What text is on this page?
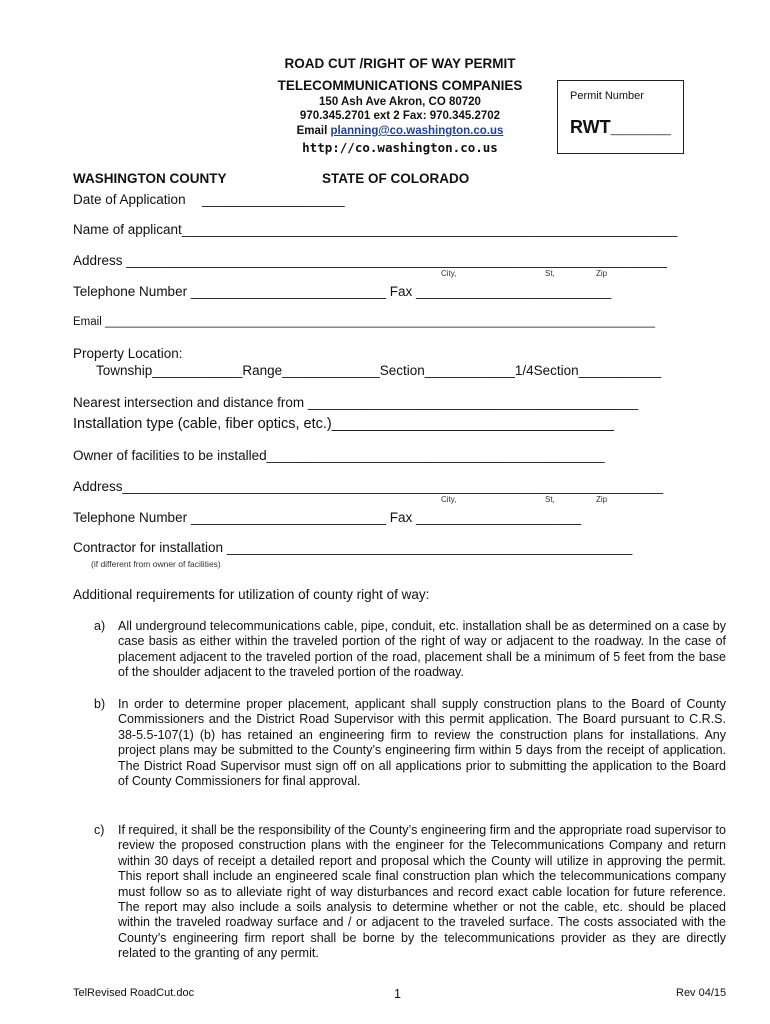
ROAD CUT /RIGHT OF WAY PERMIT
TELECOMMUNICATIONS COMPANIES
150 Ash Ave Akron, CO 80720
970.345.2701 ext 2 Fax: 970.345.2702
Email planning@co.washington.co.us
http://co.washington.co.us
Permit Number
RWT______
WASHINGTON COUNTY	STATE OF COLORADO
Date of Application ___________________
Name of applicant__________________________________________________________________
Address ________________________________________________________________________
City,	St,	Zip
Telephone Number __________________________ Fax __________________________
Email ______________________________________________________________________________________
Property Location:
Township____________Range_____________Section____________1/4Section___________
Nearest intersection and distance from ____________________________________________
Installation type (cable, fiber optics, etc.)___________________________________
Owner of facilities to be installed_____________________________________________
Address________________________________________________________________________
City,	St,	Zip
Telephone Number __________________________ Fax ______________________
Contractor for installation ______________________________________________________
(if different from owner of facilities)
Additional requirements for utilization of county right of way:
a) All underground telecommunications cable, pipe, conduit, etc. installation shall be as determined on a case by case basis as either within the traveled portion of the right of way or adjacent to the roadway. In the case of placement adjacent to the traveled portion of the road, placement shall be a minimum of 5 feet from the base of the shoulder adjacent to the traveled portion of the roadway.
b) In order to determine proper placement, applicant shall supply construction plans to the Board of County Commissioners and the District Road Supervisor with this permit application. The Board pursuant to C.R.S. 38-5.5-107(1) (b) has retained an engineering firm to review the construction plans for installations. Any project plans may be submitted to the County’s engineering firm within 5 days from the receipt of application. The District Road Supervisor must sign off on all applications prior to submitting the application to the Board of County Commissioners for final approval.
c) If required, it shall be the responsibility of the County’s engineering firm and the appropriate road supervisor to review the proposed construction plans with the engineer for the Telecommunications Company and return within 30 days of receipt a detailed report and proposal which the County will utilize in approving the permit. This report shall include an engineered scale final construction plan which the telecommunications company must follow so as to alleviate right of way disturbances and record exact cable location for future reference. The report may also include a soils analysis to determine whether or not the cable, etc. should be placed within the traveled roadway surface and / or adjacent to the traveled surface. The costs associated with the County’s engineering firm report shall be borne by the telecommunications provider as they are directly related to the granting of any permit.
TelRevised RoadCut.doc	1	Rev 04/15
